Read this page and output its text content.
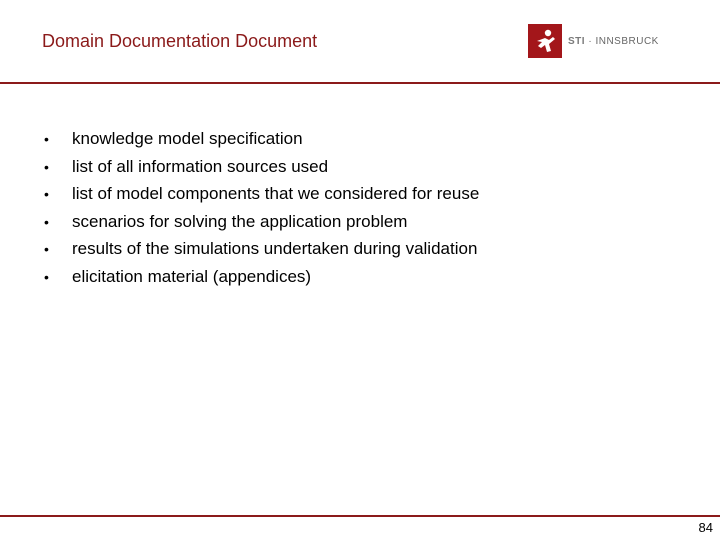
Domain Documentation Document	STI · INNSBRUCK
•	knowledge model specification
•	list of all information sources used
•	list of model components that we considered for reuse
•	scenarios for solving the application problem
•	results of the simulations undertaken during validation
•	elicitation material (appendices)
84
